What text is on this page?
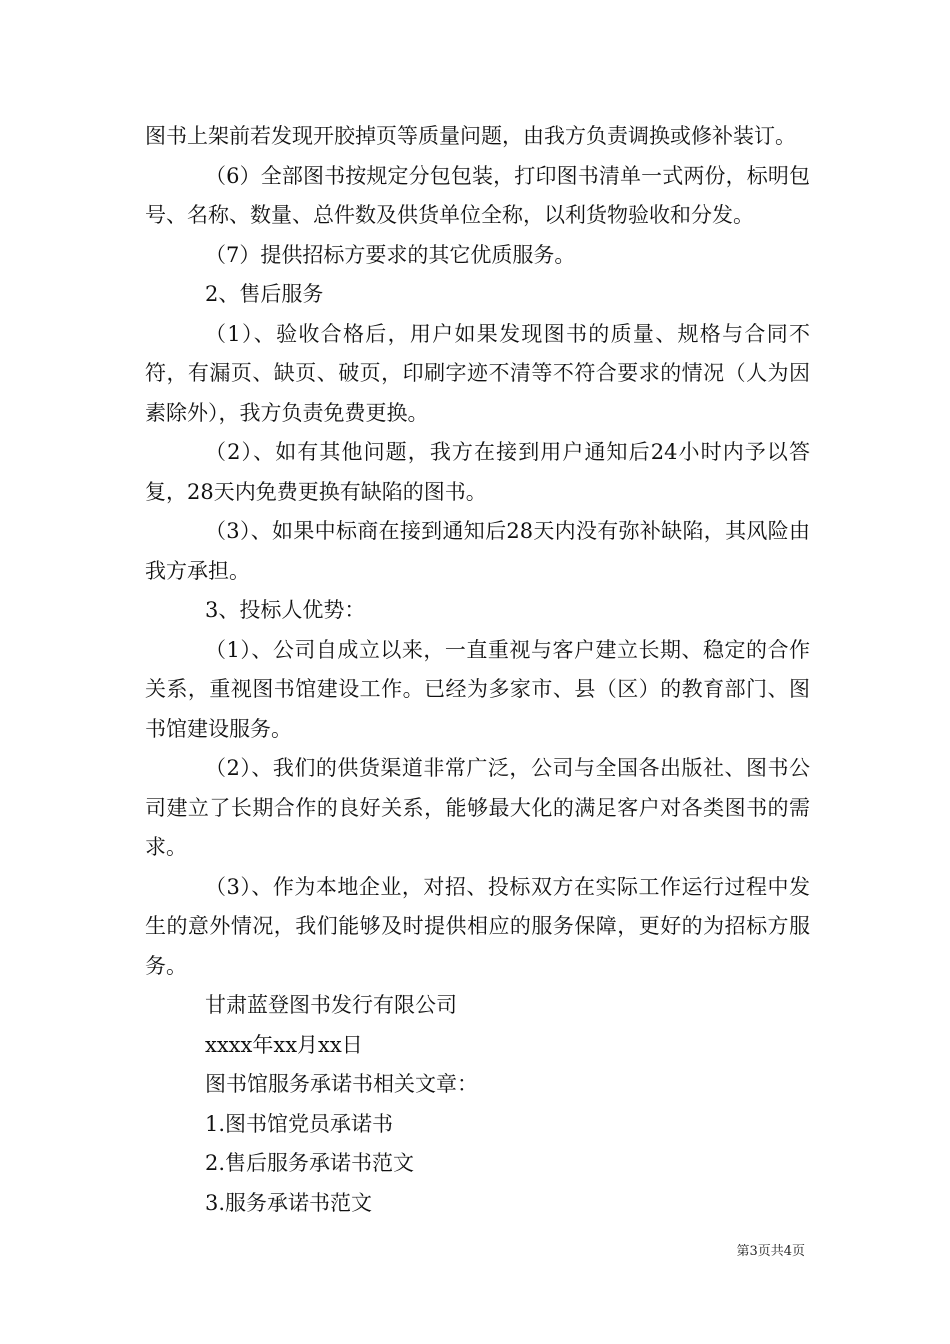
图书上架前若发现开胶掉页等质量问题，由我方负责调换或修补装订。

（6）全部图书按规定分包包装，打印图书清单一式两份，标明包号、名称、数量、总件数及供货单位全称，以利货物验收和分发。

（7）提供招标方要求的其它优质服务。

2、售后服务

（1）、验收合格后，用户如果发现图书的质量、规格与合同不符，有漏页、缺页、破页，印刷字迹不清等不符合要求的情况（人为因素除外），我方负责免费更换。

（2）、如有其他问题，我方在接到用户通知后24小时内予以答复，28天内免费更换有缺陷的图书。

（3）、如果中标商在接到通知后28天内没有弥补缺陷，其风险由我方承担。

3、投标人优势：

（1）、公司自成立以来，一直重视与客户建立长期、稳定的合作关系，重视图书馆建设工作。已经为多家市、县（区）的教育部门、图书馆建设服务。

（2）、我们的供货渠道非常广泛，公司与全国各出版社、图书公司建立了长期合作的良好关系，能够最大化的满足客户对各类图书的需求。

（3）、作为本地企业，对招、投标双方在实际工作运行过程中发生的意外情况，我们能够及时提供相应的服务保障，更好的为招标方服务。

甘肃蓝登图书发行有限公司

xxxx年xx月xx日

图书馆服务承诺书相关文章：

1.图书馆党员承诺书

2.售后服务承诺书范文

3.服务承诺书范文

第3页共4页
